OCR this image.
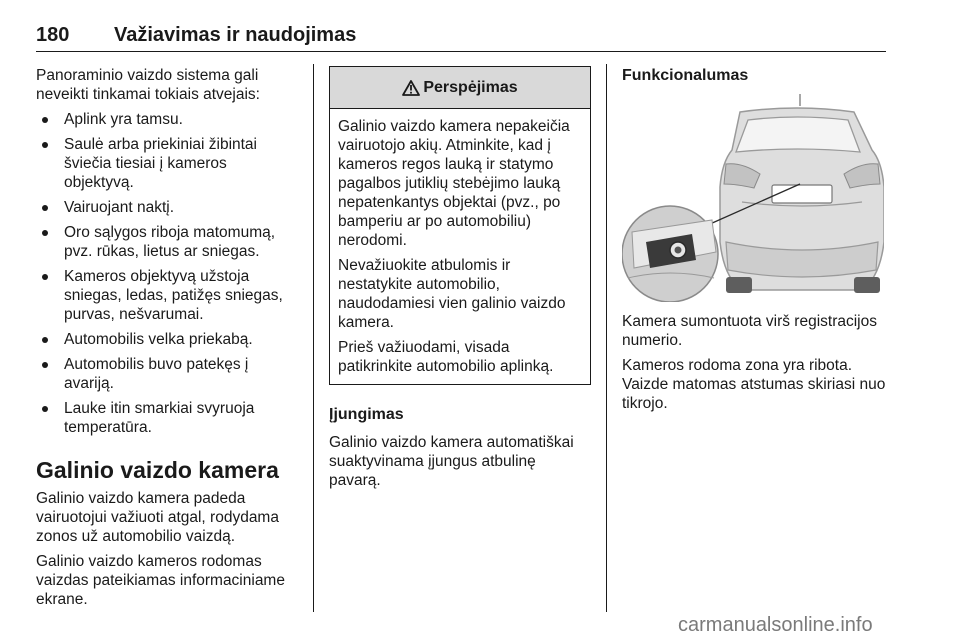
180 Važiavimas ir naudojimas

Panoraminio vaizdo sistema gali neveikti tinkamai tokiais atvejais:

Aplink yra tamsu.
Saulė arba priekiniai žibintai šviečia tiesiai į kameros objektyvą.
Vairuojant naktį.
Oro sąlygos riboja matomumą, pvz. rūkas, lietus ar sniegas.
Kameros objektyvą užstoja sniegas, ledas, patižęs sniegas, purvas, nešvarumai.
Automobilis velka priekabą.
Automobilis buvo patekęs į avariją.
Lauke itin smarkiai svyruoja temperatūra.
Galinio vaizdo kamera

Galinio vaizdo kamera padeda vairuotojui važiuoti atgal, rodydama zonos už automobilio vaizdą.

Galinio vaizdo kameros rodomas vaizdas pateikiamas informaciniame ekrane.

Perspėjimas

Galinio vaizdo kamera nepakeičia vairuotojo akių. Atminkite, kad į kameros regos lauką ir statymo pagalbos jutiklių stebėjimo lauką nepatenkantys objektai (pvz., po bamperiu ar po automobiliu) nerodomi.

Nevažiuokite atbulomis ir nestatykite automobilio, naudodamiesi vien galinio vaizdo kamera.

Prieš važiuodami, visada patikrinkite automobilio aplinką.

Įjungimas

Galinio vaizdo kamera automatiškai suaktyvinama įjungus atbulinę pavarą.

Funkcionalumas

Kamera sumontuota virš registracijos numerio.

Kameros rodoma zona yra ribota. Vaizde matomas atstumas skiriasi nuo tikrojo.

carmanualsonline.info
